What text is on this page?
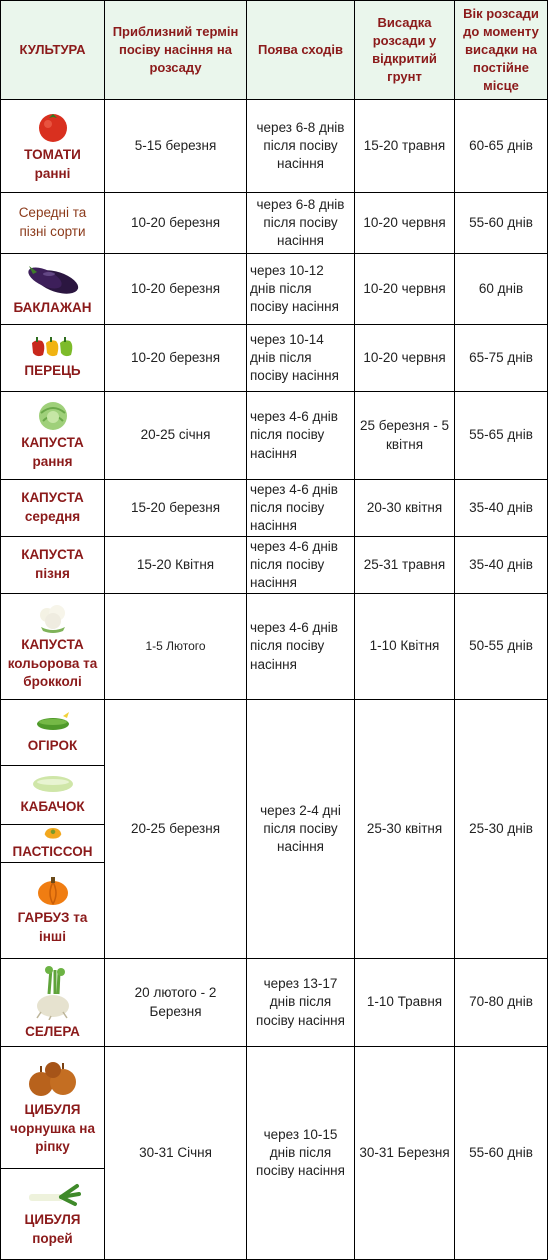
КУЛЬТУРА
Приблизний термін посіву насіння на розсаду
Поява сходів
Висадка розсади у відкритий грунт
Вік розсади до моменту висадки на постійне місце
ТОМАТИ
ранні
5-15 березня
через 6-8 днів після посіву насіння
15-20 травня 60-65 днів
Середні та
пізні сорти
10-20 березня
через 6-8 днів після посіву насіння
10-20 червня 55-60 днів
БАКЛАЖАН
10-20 березня
через 10-12 днів після посіву насіння
10-20 червня 60 днів
ПЕРЕЦЬ
10-20 березня
через 10-14 днів після посіву насіння
10-20 червня 65-75 днів
КАПУСТА
рання
20-25 січня
через 4-6 днів після посіву насіння
25 березня - 5 квітня
55-65 днів
КАПУСТА
середня
15-20 березня
через 4-6 днів після посіву насіння
20-30 квітня 35-40 днів
КАПУСТА
пізня
15-20 Квітня
через 4-6 днів після посіву насіння
25-31 травня 35-40 днів
КАПУСТА
кольорова та
брокколі
1-5 Лютого
через 4-6 днів після посіву насіння
1-10 Квітня 50-55 днів
ОГІРОК
КАБАЧОК
ПАСТІССОН
ГАРБУЗ та
інші
20-25 березня
через 2-4 дні після посіву насіння
25-30 квітня 25-30 днів
СЕЛЕРА
20 лютого - 2 Березня
через 13-17 днів після посіву насіння
1-10 Травня 70-80 днів
ЦИБУЛЯ
чорнушка на
ріпку
ЦИБУЛЯ
порей
30-31 Січня
через 10-15 днів після посіву насіння
30-31 Березня 55-60 днів
